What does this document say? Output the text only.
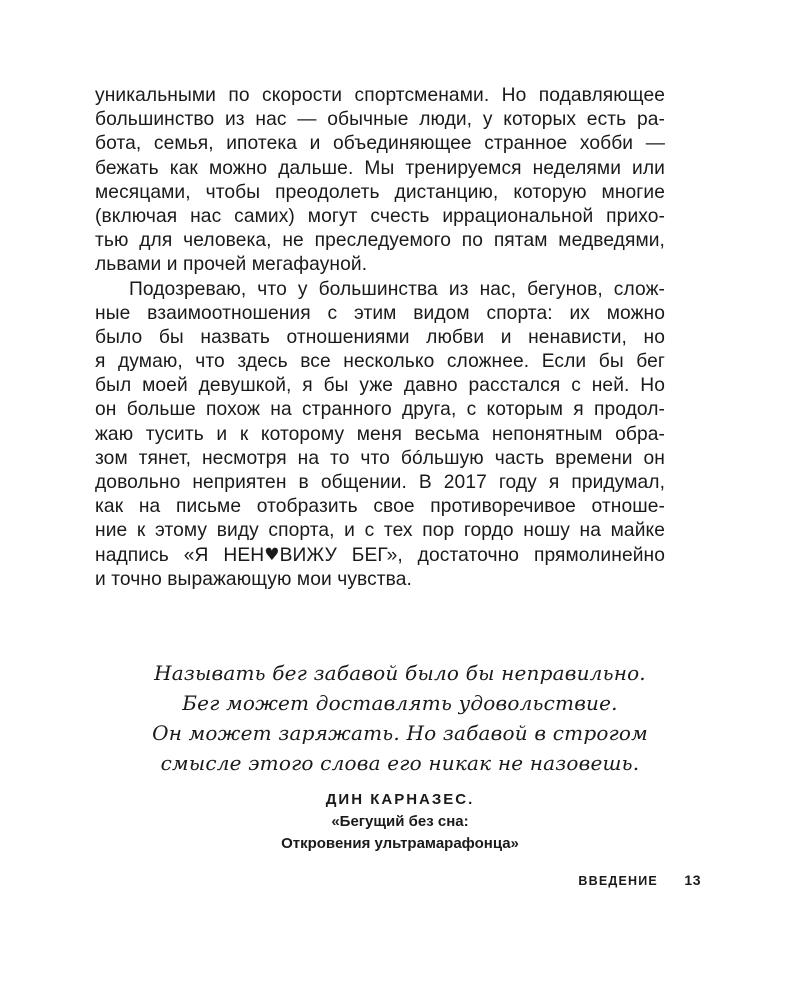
уникальными по скорости спортсменами. Но подавляющее
большинство из нас — обычные люди, у которых есть ра-
бота, семья, ипотека и объединяющее странное хобби —
бежать как можно дальше. Мы тренируемся неделями или
месяцами, чтобы преодолеть дистанцию, которую многие
(включая нас самих) могут счесть иррациональной прихо-
тью для человека, не преследуемого по пятам медведями,
львами и прочей мегафауной.
Подозреваю, что у большинства из нас, бегунов, слож-
ные взаимоотношения с этим видом спорта: их можно
было бы назвать отношениями любви и ненависти, но
я думаю, что здесь все несколько сложнее. Если бы бег
был моей девушкой, я бы уже давно расстался с ней. Но
он больше похож на странного друга, с которым я продол-
жаю тусить и к которому меня весьма непонятным обра-
зом тянет, несмотря на то что бóльшую часть времени он
довольно неприятен в общении. В 2017 году я придумал,
как на письме отобразить свое противоречивое отноше-
ние к этому виду спорта, и с тех пор гордо ношу на майке
надпись «Я НЕН♥ВИЖУ БЕГ», достаточно прямолинейно
и точно выражающую мои чувства.
Называть бег забавой было бы неправильно.
Бег может доставлять удовольствие.
Он может заряжать. Но забавой в строгом
смысле этого слова его никак не назовешь.
ДИН КАРНАЗЕС.
«Бегущий без сна:
Откровения ультрамарафонца»
ВВЕДЕНИЕ 13
